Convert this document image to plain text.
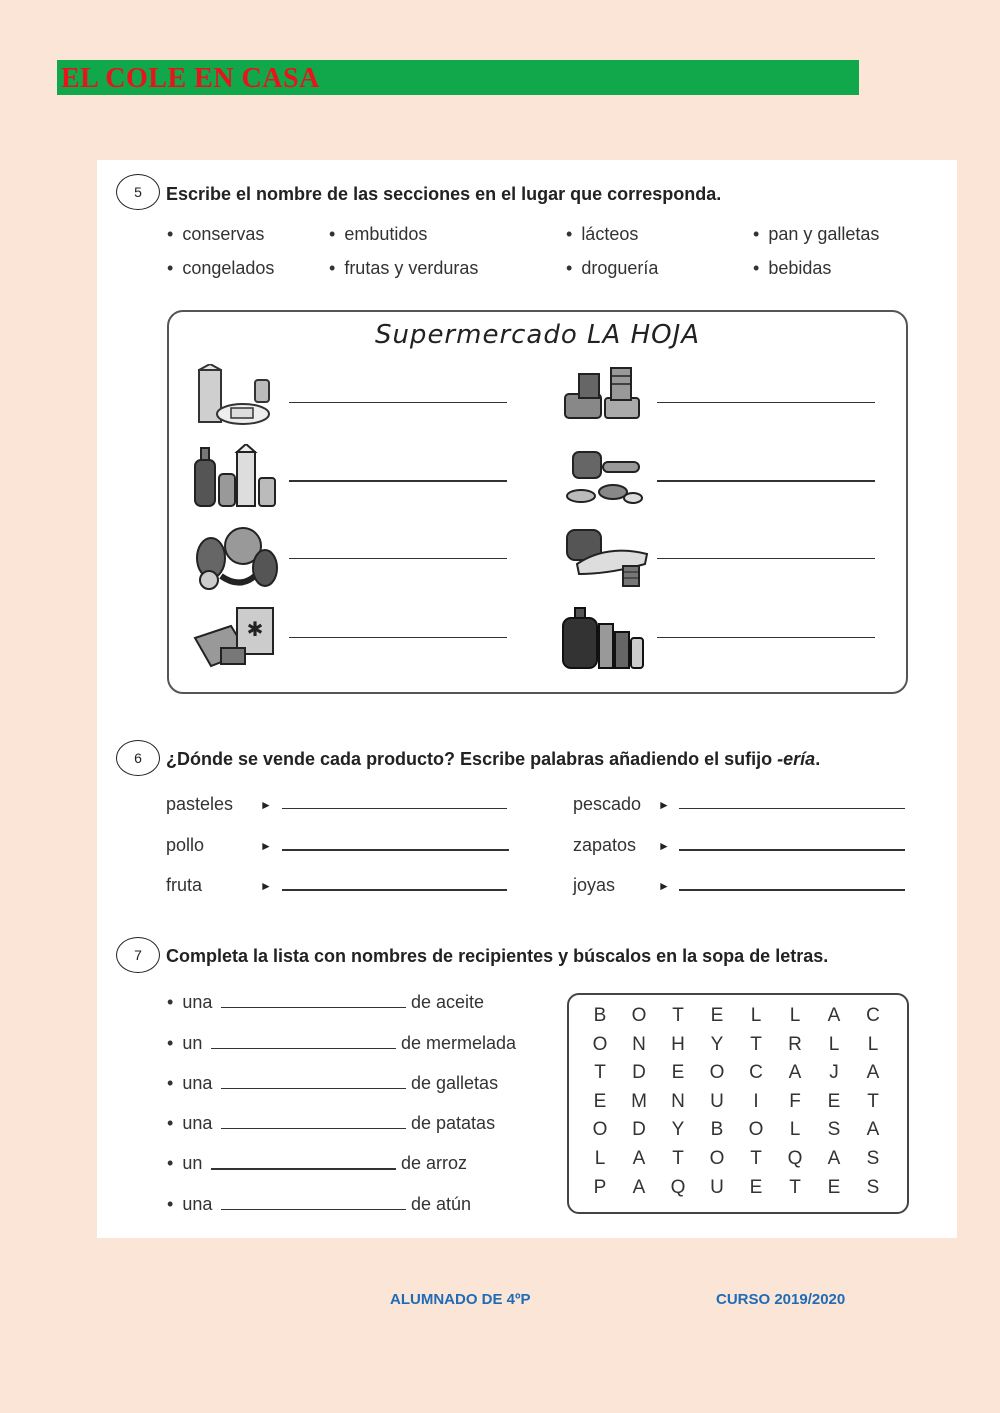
EL COLE EN CASA
5	Escribe el nombre de las secciones en el lugar que corresponda.
• conservas	• embutidos	• lácteos	• pan y galletas
• congelados	• frutas y verduras	• droguería	• bebidas
Supermercado LA HOJA
✱
6	¿Dónde se vende cada producto? Escribe palabras añadiendo el sufijo -ería.
pasteles ►
pollo	►
fruta	►
pescado ►
zapatos ►
joyas	►
7	Completa la lista con nombres de recipientes y búscalos en la sopa de letras.
• una	de aceite
• un	de mermelada
• una	de galletas
• una	de patatas
• un	de arroz
• una	de atún
B	O	T	E	L	L	A	C
O	N	H	Y	T	R	L	L
T	D	E	O	C	A	J	A
E	M	N	U	I	F	E	T
O	D	Y	B	O	L	S	A
L	A	T	O	T	Q	A	S
P	A	Q	U	E	T	E	S
ALUMNADO DE 4ºP	CURSO 2019/2020
